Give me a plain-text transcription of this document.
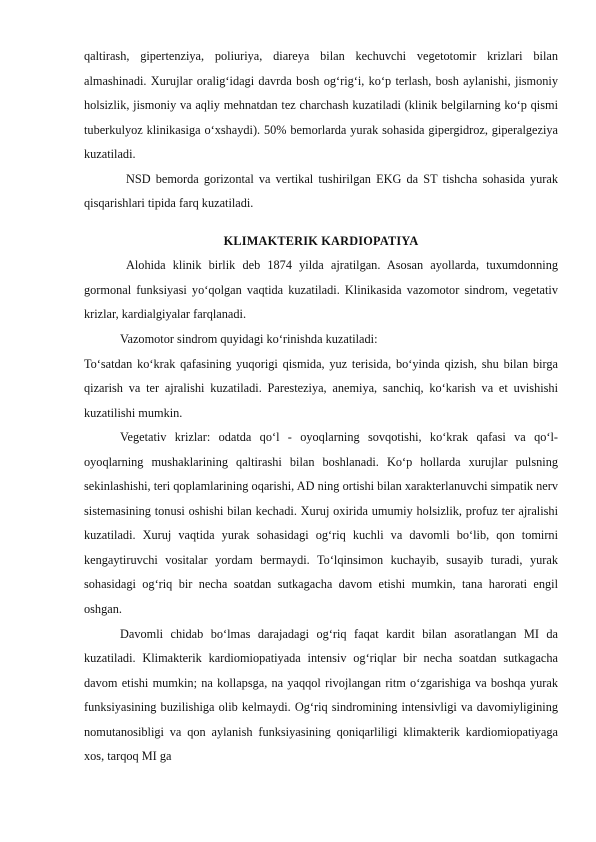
qaltirash, gipertenziya, poliuriya, diareya bilan kechuvchi vegetotomir krizlari bilan almashinadi. Xurujlar oralig‘idagi davrda bosh og‘rig‘i, ko‘p terlash, bosh aylanishi, jismoniy holsizlik, jismoniy va aqliy mehnatdan tez charchash kuzatiladi (klinik belgilarning ko‘p qismi tuberkulyoz klinikasiga o‘xshaydi). 50% bemorlarda yurak sohasida gipergidroz, giperalgeziya kuzatiladi.

NSD bemorda gorizontal va vertikal tushirilgan EKG da ST tishcha sohasida yurak qisqarishlari tipida farq kuzatiladi.

KLIMAKTERIK KARDIOPATIYA

Alohida klinik birlik deb 1874 yilda ajratilgan. Asosan ayollarda, tuxumdonning gormonal funksiyasi yo‘qolgan vaqtida kuzatiladi. Klinikasida vazomotor sindrom, vegetativ krizlar, kardialgiyalar farqlanadi.

Vazomotor sindrom quyidagi ko‘rinishda kuzatiladi:

To‘satdan ko‘krak qafasining yuqorigi qismida, yuz terisida, bo‘yinda qizish, shu bilan birga qizarish va ter ajralishi kuzatiladi. Paresteziya, anemiya, sanchiq, ko‘karish va et uvishishi kuzatilishi mumkin.

Vegetativ krizlar: odatda qo‘l - oyoqlarning sovqotishi, ko‘krak qafasi va qo‘l-oyoqlarning mushaklarining qaltirashi bilan boshlanadi. Ko‘p hollarda xurujlar pulsning sekinlashishi, teri qoplamlarining oqarishi, AD ning ortishi bilan xarakterlanuvchi simpatik nerv sistemasining tonusi oshishi bilan kechadi. Xuruj oxirida umumiy holsizlik, profuz ter ajralishi kuzatiladi. Xuruj vaqtida yurak sohasidagi og‘riq kuchli va davomli bo‘lib, qon tomirni kengaytiruvchi vositalar yordam bermaydi. To‘lqinsimon kuchayib, susayib turadi, yurak sohasidagi og‘riq bir necha soatdan sutkagacha davom etishi mumkin, tana harorati engil oshgan.

Davomli chidab bo‘lmas darajadagi og‘riq faqat kardit bilan asoratlangan MI da kuzatiladi. Klimakterik kardiomiopatiyada intensiv og‘riqlar bir necha soatdan sutkagacha davom etishi mumkin; na kollapsga, na yaqqol rivojlangan ritm o‘zgarishiga va boshqa yurak funksiyasining buzilishiga olib kelmaydi. Og‘riq sindromining intensivligi va davomiyligining nomutanosibligi va qon aylanish funksiyasining qoniqarliligi klimakterik kardiomiopatiyaga xos, tarqoq MI ga
